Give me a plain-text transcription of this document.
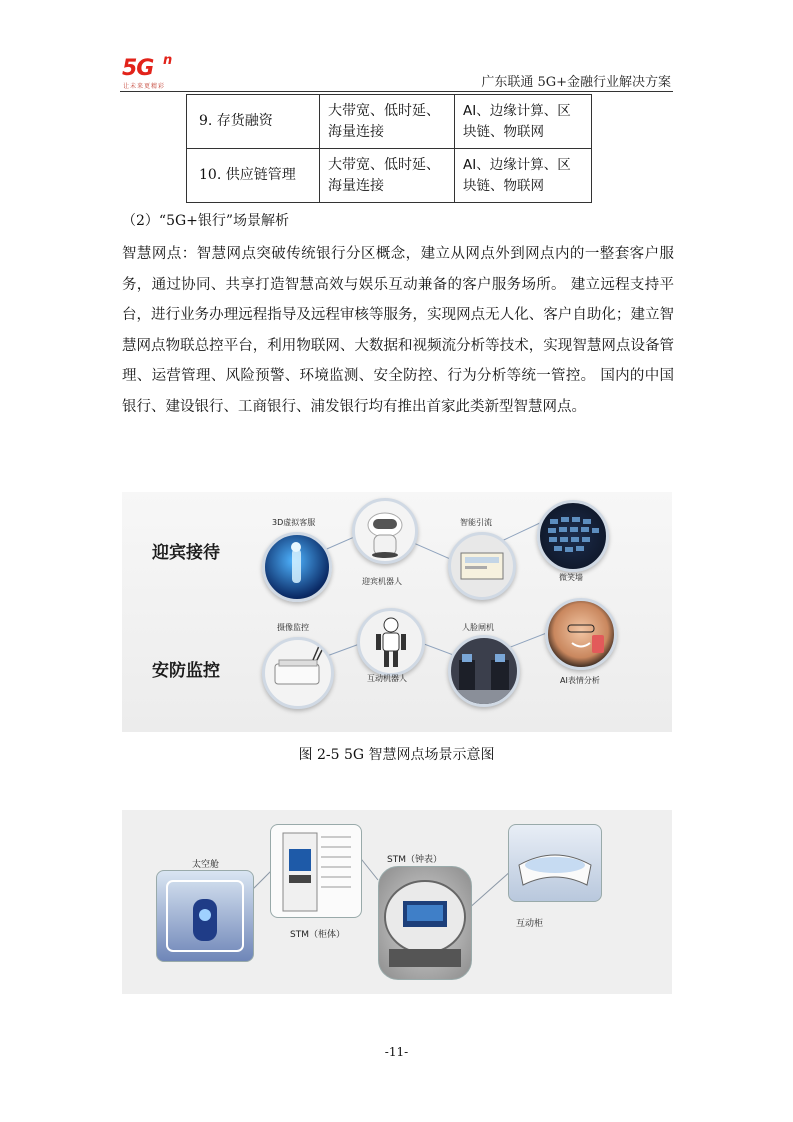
5G n
让未来更精彩	广东联通 5G+金融行业解决方案
9. 存货融资	大带宽、低时延、海量连接	AI、边缘计算、区块链、物联网
10. 供应链管理	大带宽、低时延、海量连接	AI、边缘计算、区块链、物联网
（2）“5G+银行”场景解析
智慧网点：智慧网点突破传统银行分区概念，建立从网点外到网点内的一整套客户服务，通过协同、共享打造智慧高效与娱乐互动兼备的客户服务场所。 建立远程支持平台，进行业务办理远程指导及远程审核等服务，实现网点无人化、客户自助化；建立智慧网点物联总控平台，利用物联网、大数据和视频流分析等技术，实现智慧网点设备管理、运营管理、风险预警、环境监测、安全防控、行为分析等统一管控。 国内的中国银行、建设银行、工商银行、浦发银行均有推出首家此类新型智慧网点。
迎宾接待
安防监控
3D虚拟客服
迎宾机器人
智能引流
微笑墙
摄像监控
互动机器人
人脸闸机
AI表情分析
图 2-5 5G 智慧网点场景示意图
太空舱
STM（柜体）
STM（钟表）
互动柜
-11-
